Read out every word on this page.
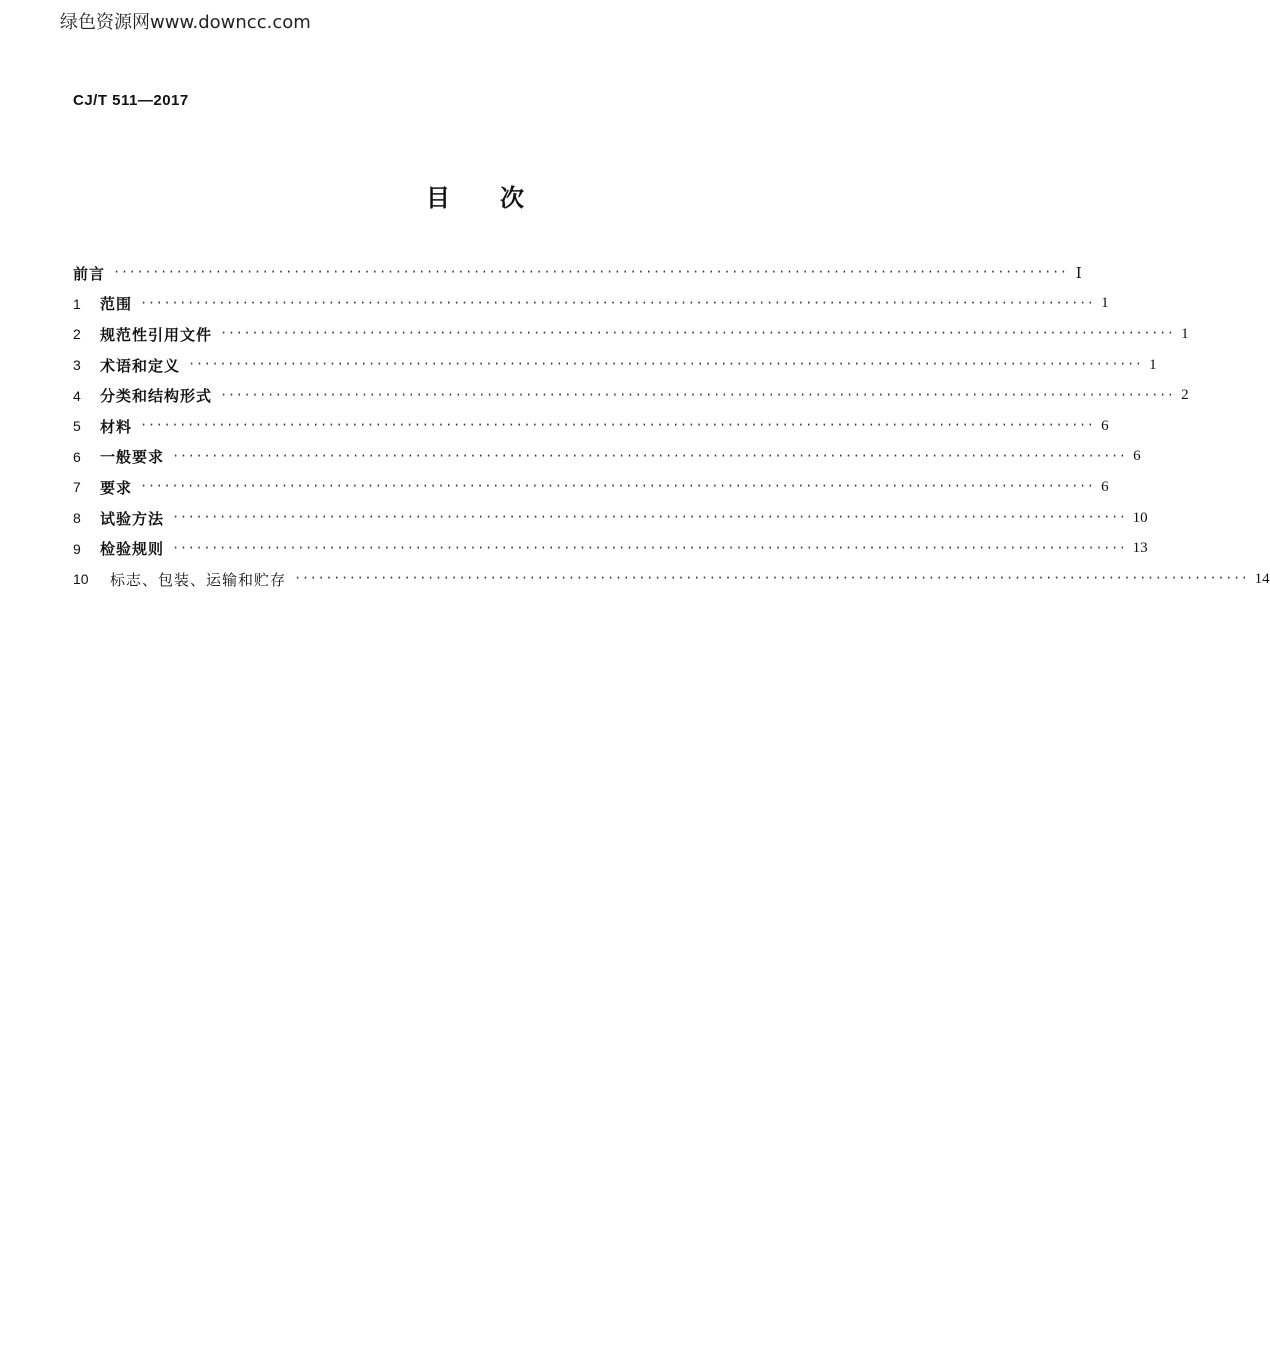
绿色资源网www.downcc.com
CJ/T 511—2017
目次
前言 ·························································································································· Ⅰ
1	范围 ·························································································································· 1
2	规范性引用文件 ·························································································································· 1
3	术语和定义 ·························································································································· 1
4	分类和结构形式 ·························································································································· 2
5	材料 ·························································································································· 6
6	一般要求 ·························································································································· 6
7	要求 ·························································································································· 6
8	试验方法 ·························································································································· 10
9	检验规则 ·························································································································· 13
10	标志、包装、运输和贮存 ·························································································································· 14
